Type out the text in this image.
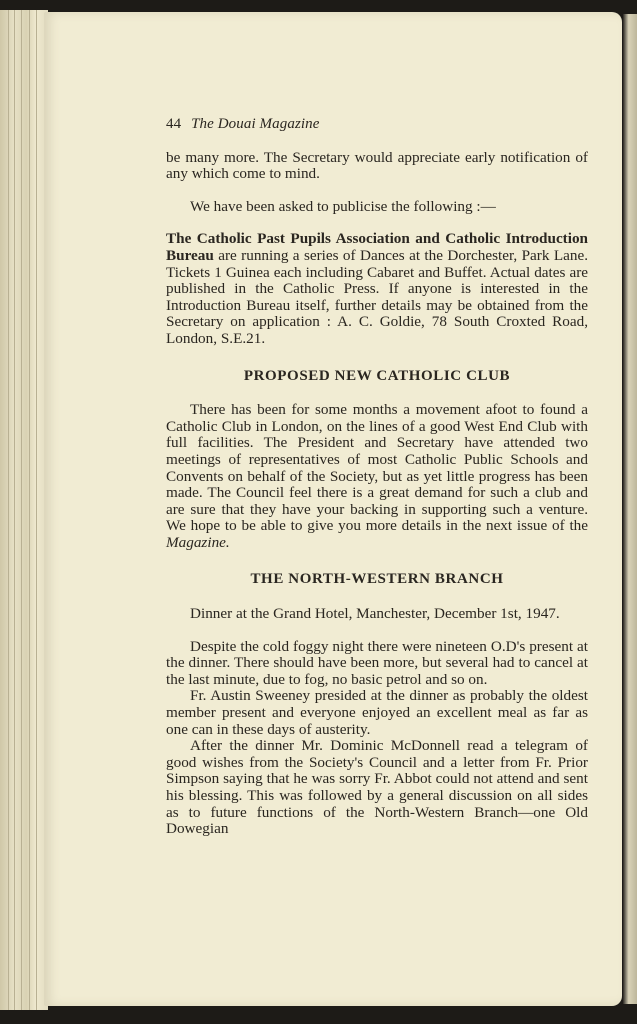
44 The Douai Magazine

be many more. The Secretary would appreciate early notification of any which come to mind.

We have been asked to publicise the following :—

The Catholic Past Pupils Association and Catholic Introduction Bureau are running a series of Dances at the Dorchester, Park Lane. Tickets 1 Guinea each including Cabaret and Buffet. Actual dates are published in the Catholic Press. If anyone is interested in the Introduction Bureau itself, further details may be obtained from the Secretary on application : A. C. Goldie, 78 South Croxted Road, London, S.E.21.

PROPOSED NEW CATHOLIC CLUB

There has been for some months a movement afoot to found a Catholic Club in London, on the lines of a good West End Club with full facilities. The President and Secretary have attended two meetings of representatives of most Catholic Public Schools and Convents on behalf of the Society, but as yet little progress has been made. The Council feel there is a great demand for such a club and are sure that they have your backing in supporting such a venture. We hope to be able to give you more details in the next issue of the Magazine.

THE NORTH-WESTERN BRANCH

Dinner at the Grand Hotel, Manchester, December 1st, 1947.

Despite the cold foggy night there were nineteen O.D's present at the dinner. There should have been more, but several had to cancel at the last minute, due to fog, no basic petrol and so on.

Fr. Austin Sweeney presided at the dinner as probably the oldest member present and everyone enjoyed an excellent meal as far as one can in these days of austerity.

After the dinner Mr. Dominic McDonnell read a telegram of good wishes from the Society's Council and a letter from Fr. Prior Simpson saying that he was sorry Fr. Abbot could not attend and sent his blessing. This was followed by a general discussion on all sides as to future functions of the North-Western Branch—one Old Dowegian
